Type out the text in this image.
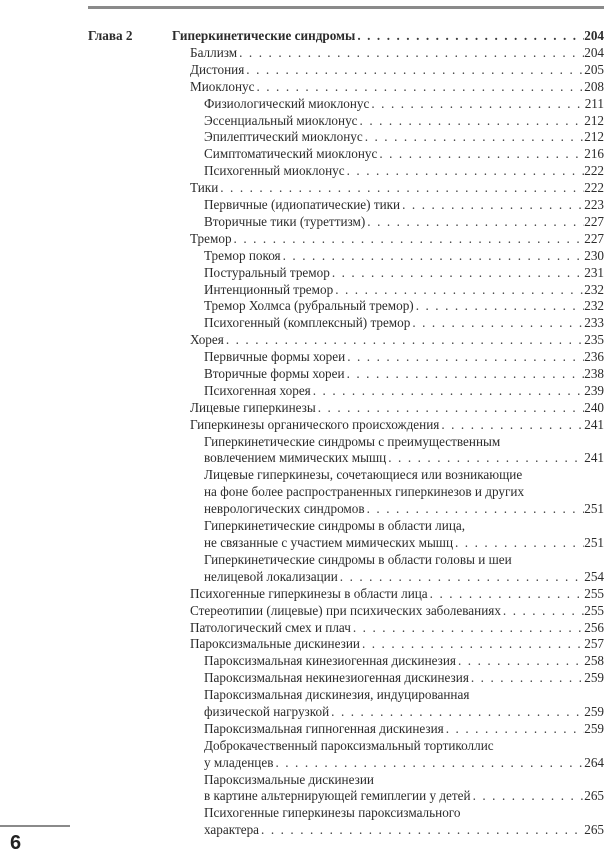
Глава 2	Гиперкинетические синдромы . . .	204
Баллизм . . .	204
Дистония . . .	205
Миоклонус . . .	208
Физиологический миоклонус . . .	211
Эссенциальный миоклонус . . .	212
Эпилептический миоклонус . . .	212
Симптоматический миоклонус . . .	216
Психогенный миоклонус . . .	222
Тики . . .	222
Первичные (идиопатические) тики . . .	223
Вторичные тики (туреттизм) . . .	227
Тремор . . .	227
Тремор покоя . . .	230
Постуральный тремор . . .	231
Интенционный тремор . . .	232
Тремор Холмса (рубральный тремор) . . .	232
Психогенный (комплексный) тремор . . .	233
Хорея . . .	235
Первичные формы хореи . . .	236
Вторичные формы хореи . . .	238
Психогенная хорея . . .	239
Лицевые гиперкинезы . . .	240
Гиперкинезы органического происхождения . . .	241
Гиперкинетические синдромы с преимущественным
вовлечением мимических мышц . . .	241
Лицевые гиперкинезы, сочетающиеся или возникающие
на фоне более распространенных гиперкинезов и других
неврологических синдромов . . .	251
Гиперкинетические синдромы в области лица,
не связанные с участием мимических мышц . . .	251
Гиперкинетические синдромы в области головы и шеи
нелицевой локализации . . .	254
Психогенные гиперкинезы в области лица . . .	255
Стереотипии (лицевые) при психических заболеваниях . . .	255
Патологический смех и плач . . .	256
Пароксизмальные дискинезии . . .	257
Пароксизмальная кинезиогенная дискинезия . . .	258
Пароксизмальная некинезиогенная дискинезия . . .	259
Пароксизмальная дискинезия, индуцированная
физической нагрузкой . . .	259
Пароксизмальная гипногенная дискинезия . . .	259
Доброкачественный пароксизмальный тортиколлис
у младенцев . . .	264
Пароксизмальные дискинезии
в картине альтернирующей гемиплегии у детей . . .	265
Психогенные гиперкинезы пароксизмального
характера . . .	265
6
